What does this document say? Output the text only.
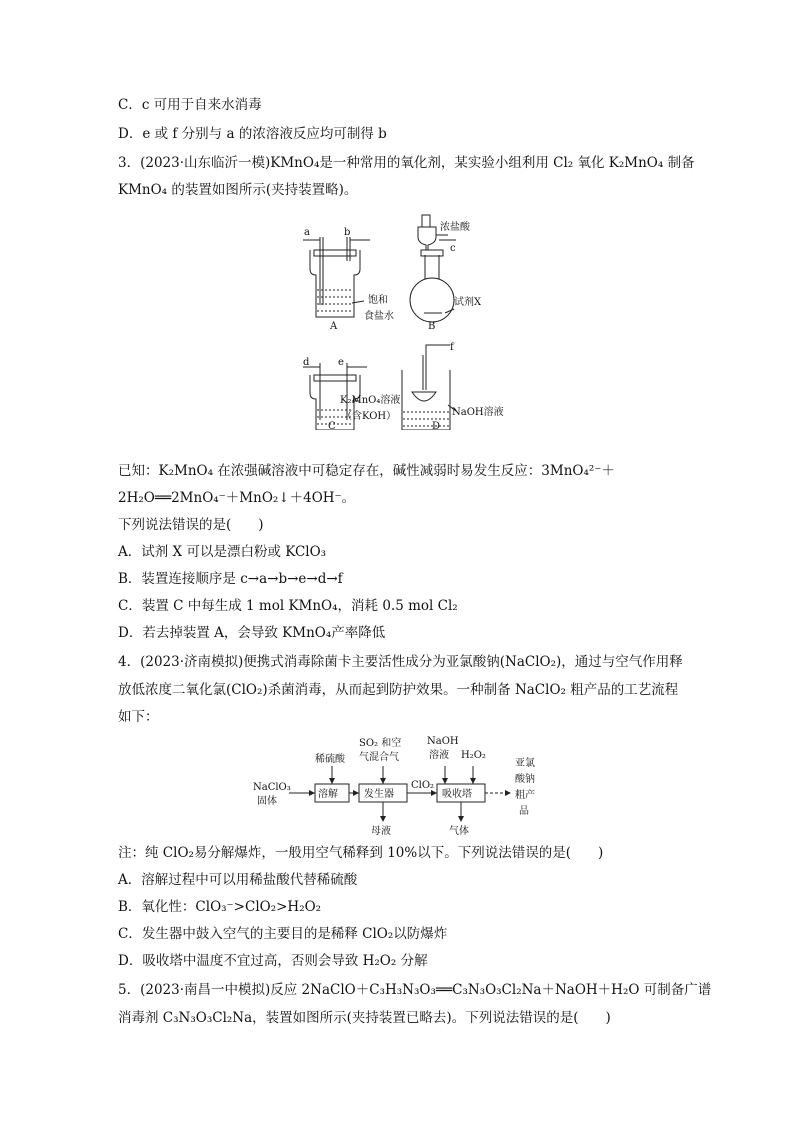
C．c 可用于自来水消毒
D．e 或 f 分别与 a 的浓溶液反应均可制得 b
3．(2023·山东临沂一模)KMnO₄是一种常用的氧化剂，某实验小组利用 Cl₂ 氧化 K₂MnO₄ 制备
KMnO₄ 的装置如图所示(夹持装置略)。
a	b
A
饱和
食盐水
浓盐酸
c
试剂X
B
d	e
K₂MnO₄溶液
（含KOH）
C
f
NaOH溶液
D
已知：K₂MnO₄ 在浓强碱溶液中可稳定存在，碱性减弱时易发生反应：3MnO₄²⁻＋
2H₂O══2MnO₄⁻＋MnO₂↓＋4OH⁻。
下列说法错误的是(　　)
A．试剂 X 可以是漂白粉或 KClO₃
B．装置连接顺序是 c→a→b→e→d→f
C．装置 C 中每生成 1 mol KMnO₄，消耗 0.5 mol Cl₂
D．若去掉装置 A，会导致 KMnO₄产率降低
4．(2023·济南模拟)便携式消毒除菌卡主要活性成分为亚氯酸钠(NaClO₂)，通过与空气作用释
放低浓度二氧化氯(ClO₂)杀菌消毒，从而起到防护效果。一种制备 NaClO₂ 粗产品的工艺流程
如下：
NaClO₃
固体
溶解	发生器	吸收塔
稀硫酸
SO₂ 和空
气混合气
ClO₂
NaOH
溶液 H₂O₂
母液	气体
亚氯
酸钠
粗产
品
注：纯 ClO₂易分解爆炸，一般用空气稀释到 10%以下。下列说法错误的是(　　)
A．溶解过程中可以用稀盐酸代替稀硫酸
B．氧化性：ClO₃⁻>ClO₂>H₂O₂
C．发生器中鼓入空气的主要目的是稀释 ClO₂以防爆炸
D．吸收塔中温度不宜过高，否则会导致 H₂O₂ 分解
5．(2023·南昌一中模拟)反应 2NaClO＋C₃H₃N₃O₃══C₃N₃O₃Cl₂Na＋NaOH＋H₂O 可制备广谱
消毒剂 C₃N₃O₃Cl₂Na，装置如图所示(夹持装置已略去)。下列说法错误的是(　　)
